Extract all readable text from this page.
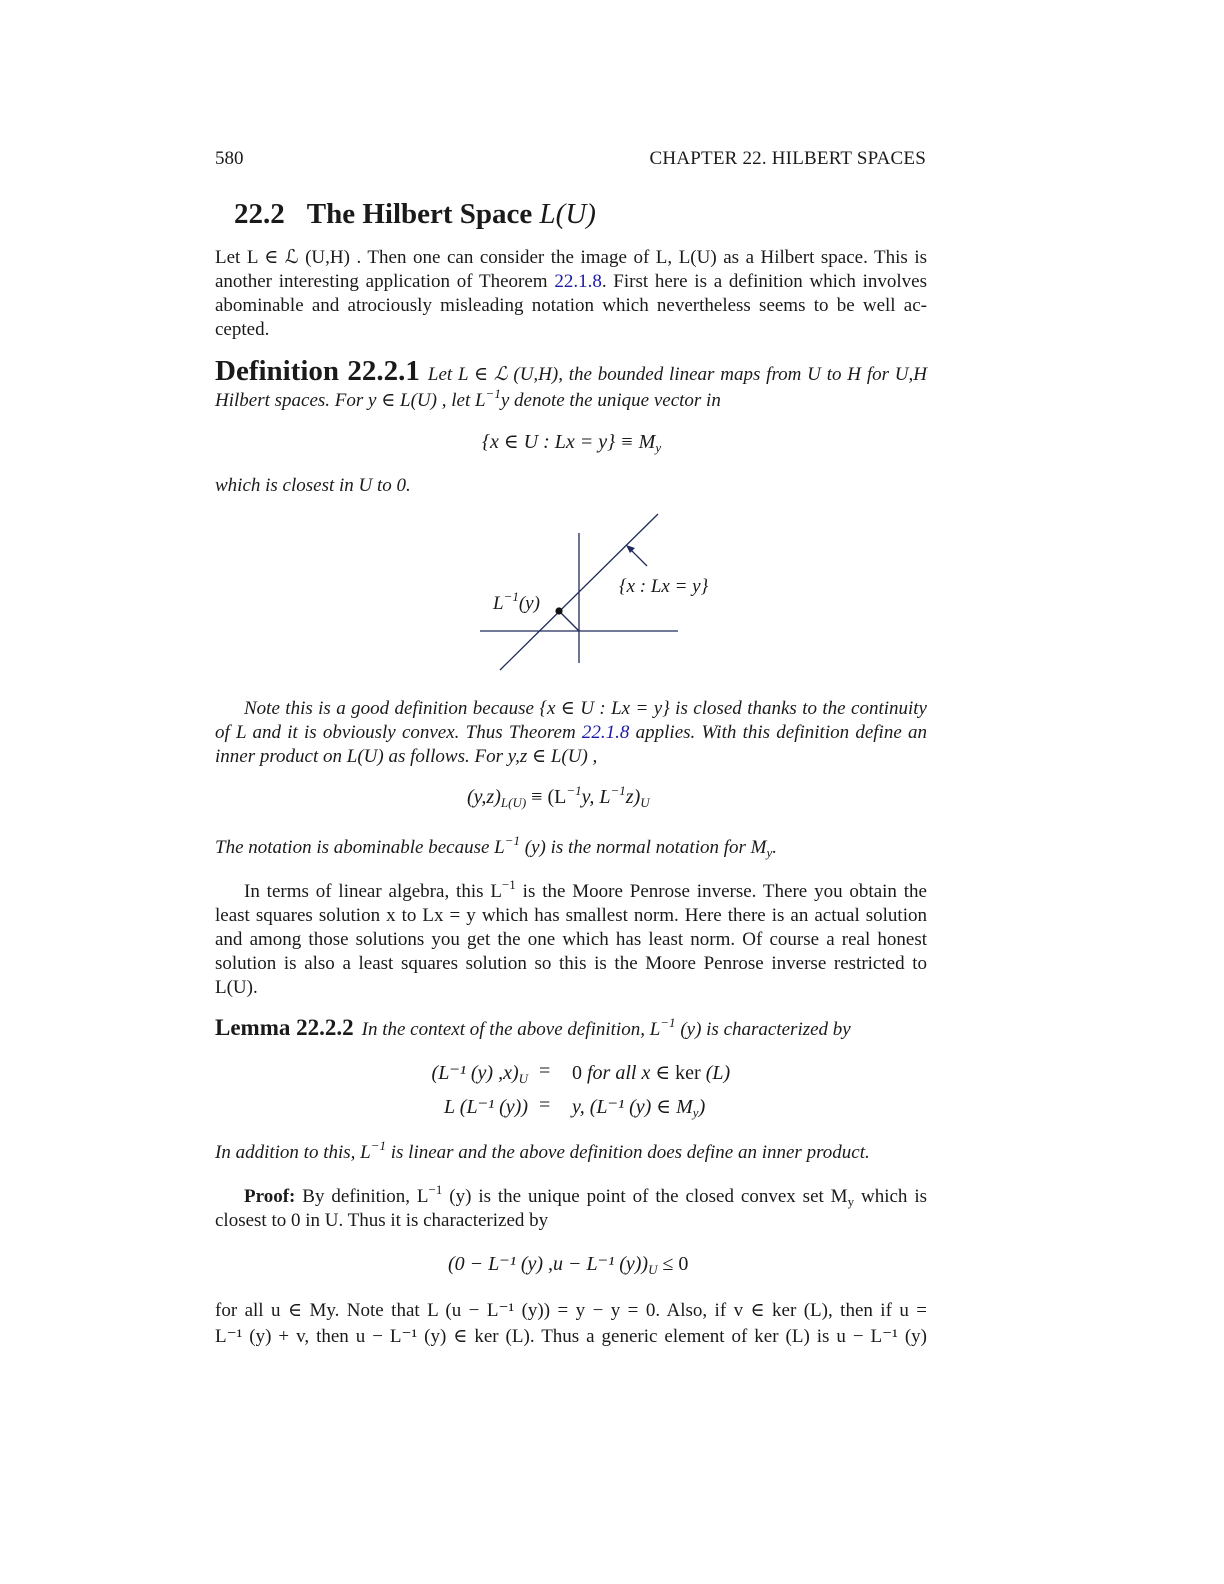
580	CHAPTER 22. HILBERT SPACES
22.2 The Hilbert Space L(U)
Let L ∈ ℒ (U,H) . Then one can consider the image of L, L(U) as a Hilbert space. This is
another interesting application of Theorem 22.1.8. First here is a definition which involves
abominable and atrociously misleading notation which nevertheless seems to be well ac-
cepted.
Definition 22.2.1 Let L ∈ ℒ (U,H), the bounded linear maps from U to H for U,H
Hilbert spaces. For y ∈ L(U) , let $L^{-1}y$ denote the unique vector in
{x ∈ U : $Lx = y\} \equiv M_y$
which is closest in U to 0.
$L^{-1}(y)$
{x : Lx = y}
Note this is a good definition because {x ∈ U : Lx = y} is closed thanks to the continuity
of L and it is obviously convex. Thus Theorem 22.1.8 applies. With this definition define an
inner product on L(U) as follows. For y,z ∈ L(U) ,
$(y,z)_{L(U)} \equiv (L^{-1}y$, $L^{-1}z)_U$
The notation is abominable because $L^{-1}$ (y) is the normal notation for $M_y$.
In terms of linear algebra, this $L^{-1}$ is the Moore Penrose inverse. There you obtain the
least squares solution x to Lx = y which has smallest norm. Here there is an actual solution
and among those solutions you get the one which has least norm. Of course a real honest
solution is also a least squares solution so this is the Moore Penrose inverse restricted to
L(U).
Lemma 22.2.2 In the context of the above definition, $L^{-1}$ (y) is characterized by
(L⁻¹ (y) $,x)_U = 0$ for all x ∈ ker (L)
L (L⁻¹ (y)) = y, (L⁻¹ (y) ∈ $M_y$)
In addition to this, $L^{-1}$ is linear and the above definition does define an inner product.
Proof: By definition, $L^{-1}$ (y) is the unique point of the closed convex set $M_y$ which is
closest to 0 in U. Thus it is characterized by
(0 − L⁻¹ (y) ,u − L⁻¹ $(y))_U \le 0$
for all u ∈ My. Note that L (u − L⁻¹ (y)) = y − y = 0. Also, if v ∈ ker (L), then if u =
L⁻¹ (y) + v, then u − L⁻¹ (y) ∈ ker (L). Thus a generic element of ker (L) is u − L⁻¹ (y)
